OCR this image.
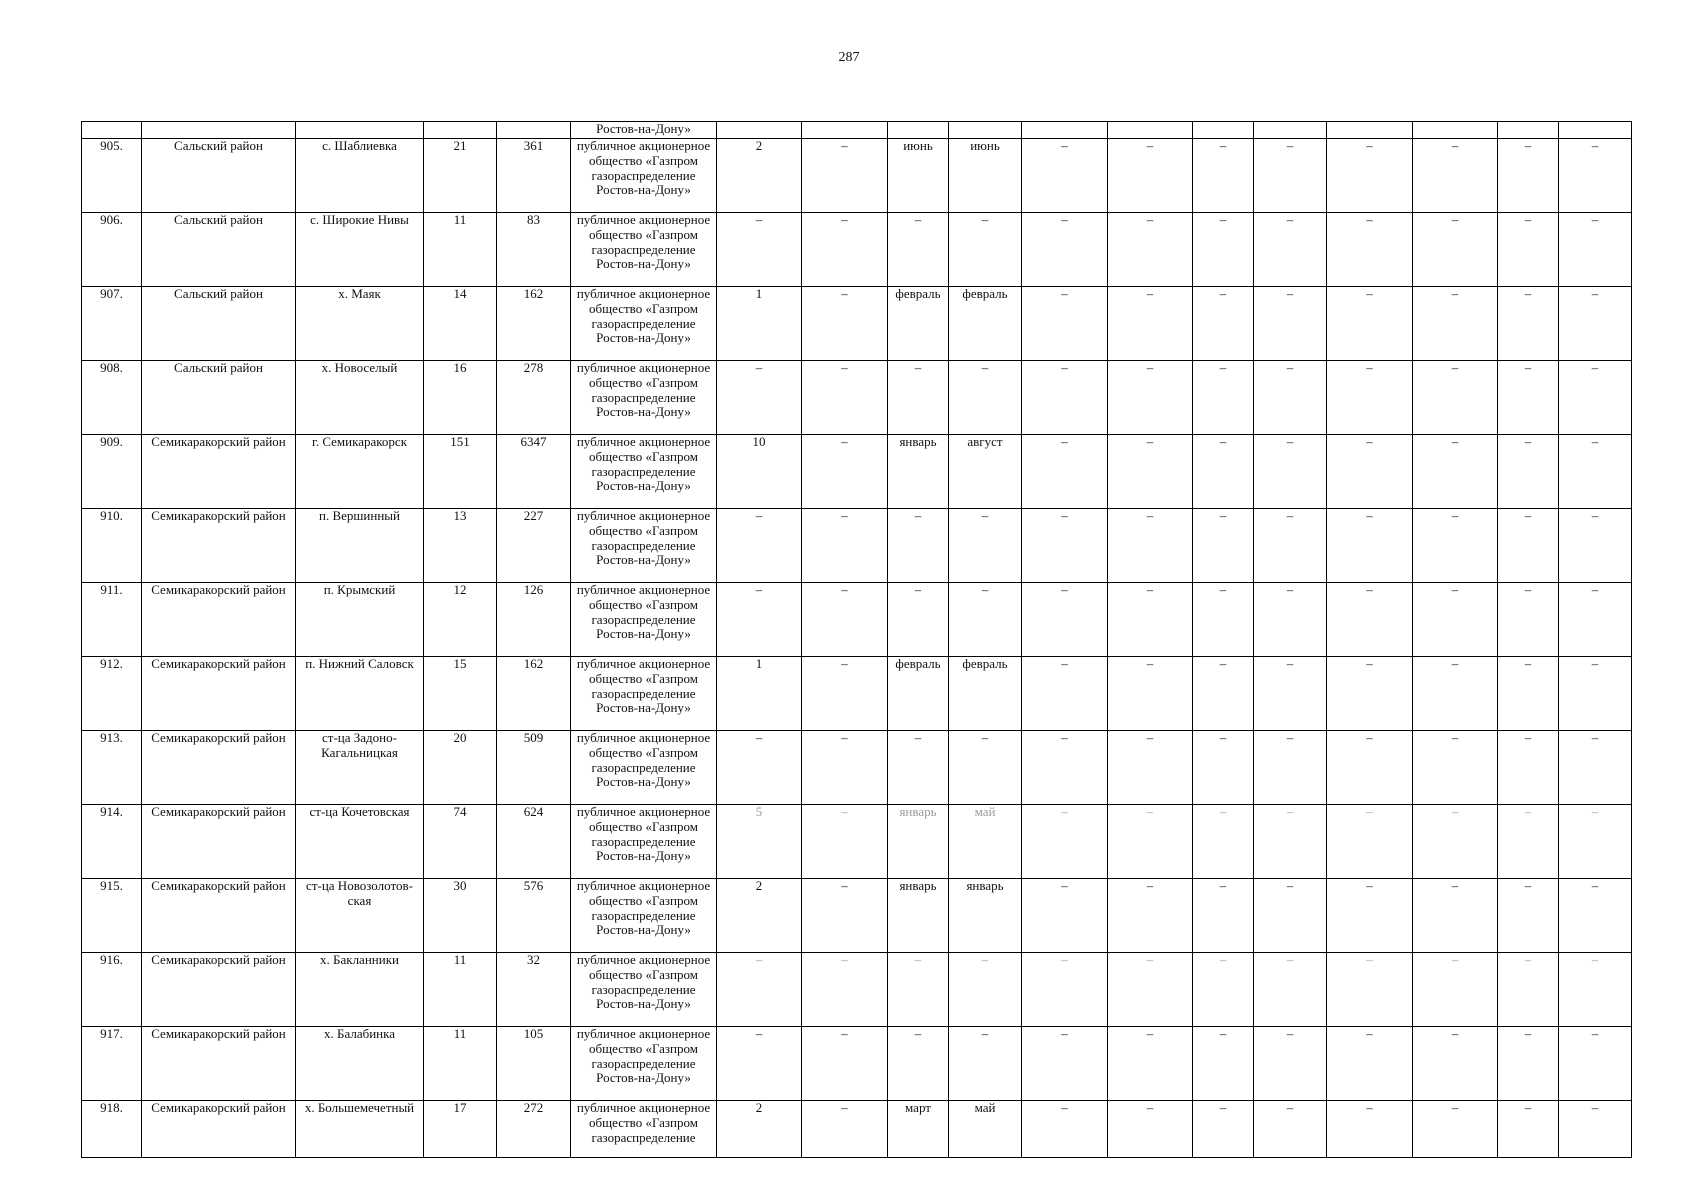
287
					Ростов-на-Дону»												
905.	Сальский район	с. Шаблиевка	21	361	публичное акционерное общество «Газпром газораспределение Ростов-на-Дону»	2	–	июнь	июнь	–	–	–	–	–	–	–	–
906.	Сальский район	с. Широкие Нивы	11	83	публичное акционерное общество «Газпром газораспределение Ростов-на-Дону»	–	–	–	–	–	–	–	–	–	–	–	–
907.	Сальский район	х. Маяк	14	162	публичное акционерное общество «Газпром газораспределение Ростов-на-Дону»	1	–	февраль	февраль	–	–	–	–	–	–	–	–
908.	Сальский район	х. Новоселый	16	278	публичное акционерное общество «Газпром газораспределение Ростов-на-Дону»	–	–	–	–	–	–	–	–	–	–	–	–
909.	Семикаракорский район	г. Семикаракорск	151	6347	публичное акционерное общество «Газпром газораспределение Ростов-на-Дону»	10	–	январь	август	–	–	–	–	–	–	–	–
910.	Семикаракорский район	п. Вершинный	13	227	публичное акционерное общество «Газпром газораспределение Ростов-на-Дону»	–	–	–	–	–	–	–	–	–	–	–	–
911.	Семикаракорский район	п. Крымский	12	126	публичное акционерное общество «Газпром газораспределение Ростов-на-Дону»	–	–	–	–	–	–	–	–	–	–	–	–
912.	Семикаракорский район	п. Нижний Саловск	15	162	публичное акционерное общество «Газпром газораспределение Ростов-на-Дону»	1	–	февраль	февраль	–	–	–	–	–	–	–	–
913.	Семикаракорский район	ст-ца Задоно-Кагальницкая	20	509	публичное акционерное общество «Газпром газораспределение Ростов-на-Дону»	–	–	–	–	–	–	–	–	–	–	–	–
914.	Семикаракорский район	ст-ца Кочетовская	74	624	публичное акционерное общество «Газпром газораспределение Ростов-на-Дону»	5	–	январь	май	–	–	–	–	–	–	–	–
915.	Семикаракорский район	ст-ца Новозолотов-ская	30	576	публичное акционерное общество «Газпром газораспределение Ростов-на-Дону»	2	–	январь	январь	–	–	–	–	–	–	–	–
916.	Семикаракорский район	х. Бакланники	11	32	публичное акционерное общество «Газпром газораспределение Ростов-на-Дону»	–	–	–	–	–	–	–	–	–	–	–	–
917.	Семикаракорский район	х. Балабинка	11	105	публичное акционерное общество «Газпром газораспределение Ростов-на-Дону»	–	–	–	–	–	–	–	–	–	–	–	–
918.	Семикаракорский район	х. Большемечетный	17	272	публичное акционерное общество «Газпром газораспределение	2	–	март	май	–	–	–	–	–	–	–	–
